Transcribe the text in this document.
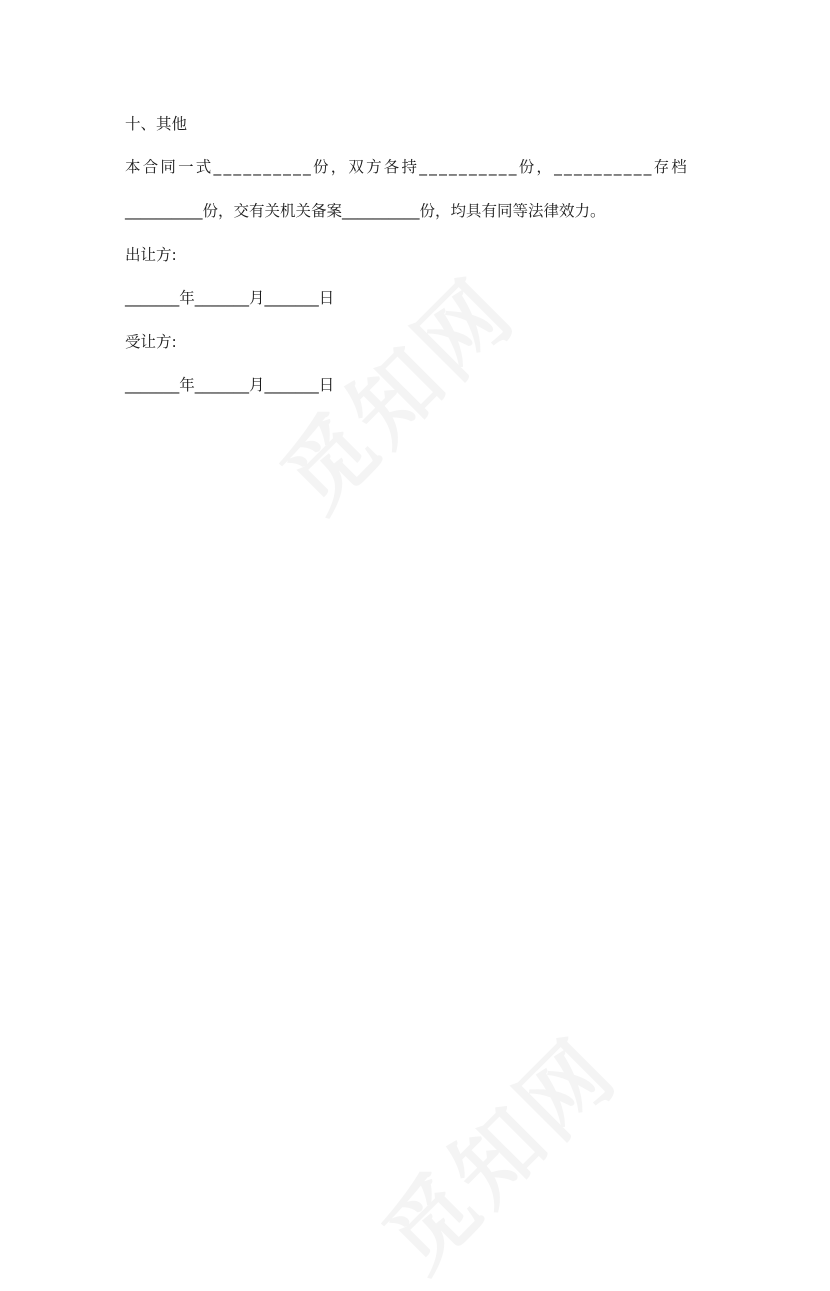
十、其他
本合同一式__________份，双方各持__________份，__________存档
__________份，交有关机关备案__________份，均具有同等法律效力。
出让方:
_______年_______月_______日
受让方:
_______年_______月_______日
